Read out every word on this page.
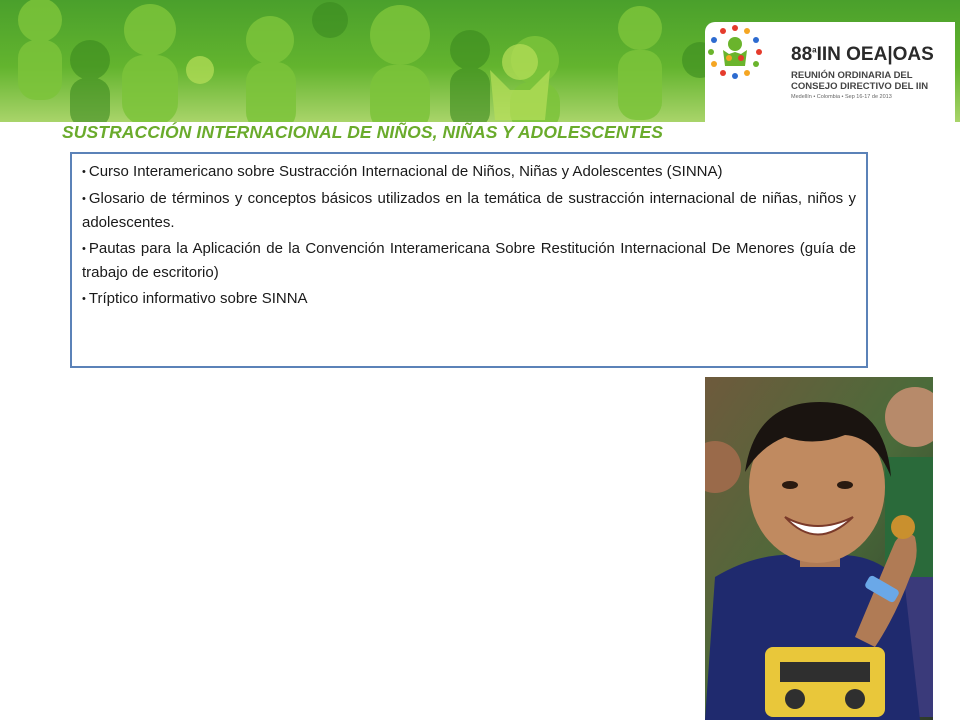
88$^a$IIN OEA|OAS
REUNIÓN ORDINARIA DEL
CONSEJO DIRECTIVO DEL IIN
Medellín • Colombia • Sep 16-17 de 2013
SUSTRACCIÓN INTERNACIONAL DE NIÑOS, NIÑAS Y ADOLESCENTES
• Curso Interamericano sobre Sustracción Internacional de Niños, Niñas y Adolescentes (SINNA)
• Glosario de términos y conceptos básicos utilizados en la temática de sustracción internacional de niñas, niños y adolescentes.
• Pautas para la Aplicación de la Convención Interamericana Sobre Restitución Internacional De Menores (guía de trabajo de escritorio)
• Tríptico informativo sobre SINNA
